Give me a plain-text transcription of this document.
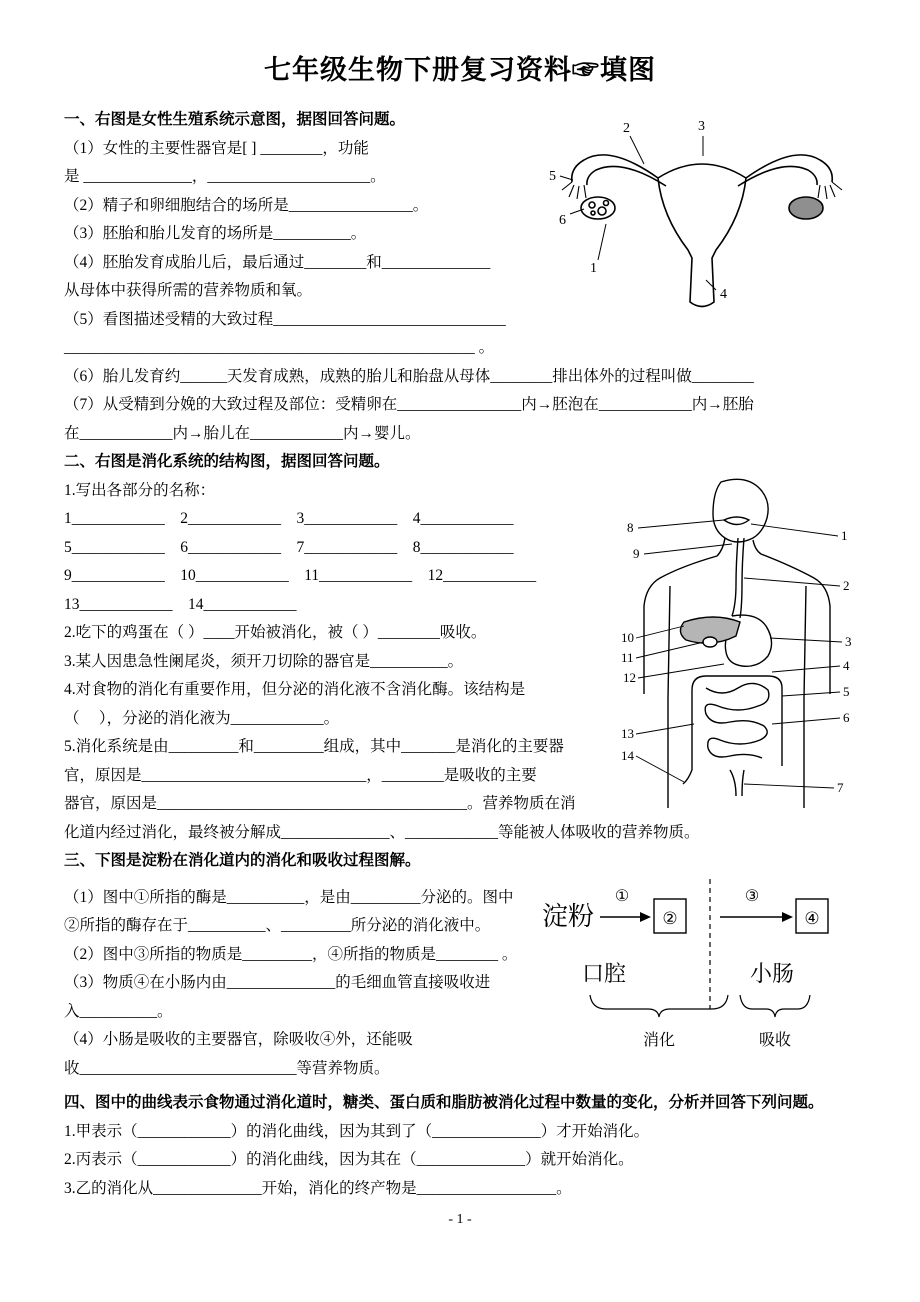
七年级生物下册复习资料☞填图

一、右图是女性生殖系统示意图，据图回答问题。

（1）女性的主要性器官是[ ] ________，功能

是 ______________，_____________________。

（2）精子和卵细胞结合的场所是________________。

（3）胚胎和胎儿发育的场所是__________。

（4）胚胎发育成胎儿后，最后通过________和______________

从母体中获得所需的营养物质和氧。

（5）看图描述受精的大致过程______________________________

_____________________________________________________ 。

2	3
5
6
1
4

（6）胎儿发育约______天发育成熟，成熟的胎儿和胎盘从母体________排出体外的过程叫做________

（7）从受精到分娩的大致过程及部位：受精卵在________________内→胚泡在____________内→胚胎

在____________内→胎儿在____________内→婴儿。

二、右图是消化系统的结构图，据图回答问题。

1.写出各部分的名称：

1____________　2____________　3____________　4____________

5____________　6____________　7____________　8____________

9____________　10____________　11____________　12____________

13____________　14____________

2.吃下的鸡蛋在（ ）____开始被消化，被（ ）________吸收。

3.某人因患急性阑尾炎，须开刀切除的器官是__________。

4.对食物的消化有重要作用，但分泌的消化液不含消化酶。该结构是

（　 ），分泌的消化液为____________。

5.消化系统是由_________和_________组成，其中_______是消化的主要器

官，原因是_____________________________，________是吸收的主要

器官，原因是________________________________________。营养物质在消

8
9
10
11
12
13
14
1
2
3
4
5
6
7

化道内经过消化，最终被分解成______________、____________等能被人体吸收的营养物质。

三、下图是淀粉在消化道内的消化和吸收过程图解。

（1）图中①所指的酶是__________，是由_________分泌的。图中

②所指的酶存在于__________、_________所分泌的消化液中。

（2）图中③所指的物质是_________，④所指的物质是________ 。

（3）物质④在小肠内由______________的毛细血管直接吸收进

入__________。

（4）小肠是吸收的主要器官，除吸收④外，还能吸

收____________________________等营养物质。

淀粉
①
②
③
④
口腔	小肠
消化	吸收

四、图中的曲线表示食物通过消化道时，糖类、蛋白质和脂肪被消化过程中数量的变化，分析并回答下列问题。

1.甲表示（____________）的消化曲线，因为其到了（______________）才开始消化。

2.丙表示（____________）的消化曲线，因为其在（______________）就开始消化。

3.乙的消化从______________开始，消化的终产物是__________________。

- 1 -
